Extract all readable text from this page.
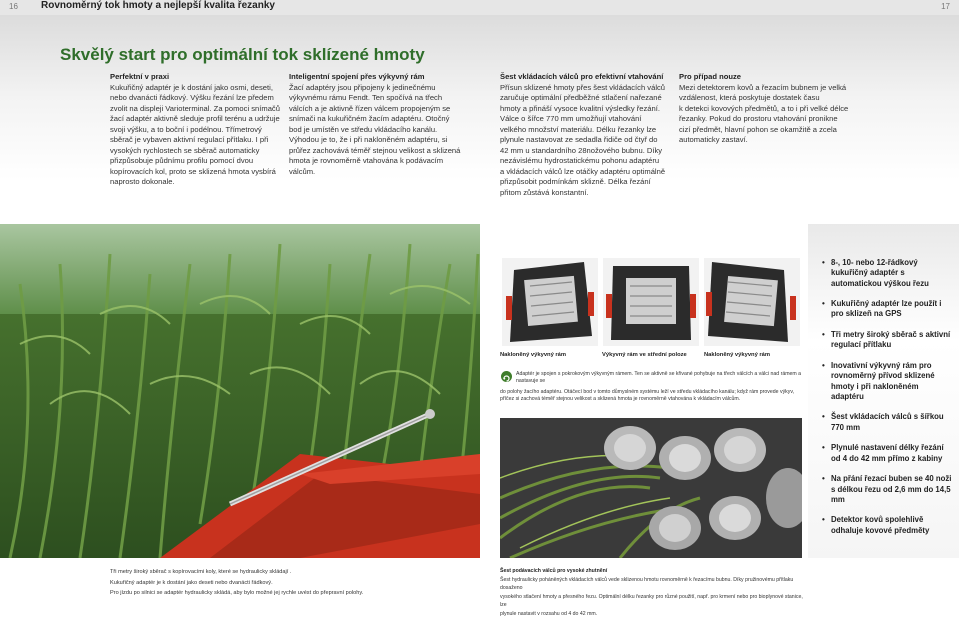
16 Rovnoměrný tok hmoty a nejlepší kvalita řezanky	17
Skvělý start pro optimální tok sklízené hmoty
Perfektní v praxi
Kukuřičný adaptér je k dostání jako osmi, deseti,
nebo dvanácti řádkový. Výšku řezání lze předem
zvolit na displeji Varioterminal. Za pomoci snímačů
žací adaptér aktivně sleduje profil terénu a udržuje
svoji výšku, a to boční i podélnou. Třímetrový
sběrač je vybaven aktivní regulací přítlaku. I při
vysokých rychlostech se sběrač automaticky
přizpůsobuje půdnímu profilu pomocí dvou
kopírovacích kol, proto se sklizená hmota vysbírá
naprosto dokonale.
Inteligentní spojení přes výkyvný rám
Žací adaptéry jsou připojeny k jedinečnému
výkyvnému rámu Fendt. Ten spočívá na třech
válcích a je aktivně řízen válcem propojeným se
snímači na kukuřičném žacím adaptéru. Otočný
bod je umístěn ve středu vkládacího kanálu.
Výhodou je to, že i při nakloněném adaptéru, si
průřez zachovává téměř stejnou velikost a sklizená
hmota je rovnoměrně vtahována k podávacím
válcům.
Šest vkládacích válců pro efektivní vtahování
Přísun sklizené hmoty přes šest vkládacích válců
zaručuje optimální předběžné stlačení nařezané
hmoty a přináší vysoce kvalitní výsledky řezání.
Válce o šířce 770 mm umožňují vtahování
velkého množství materiálu. Délku řezanky lze
plynule nastavovat ze sedadla řidiče od čtyř do
42 mm u standardního 28nožového bubnu. Díky
nezávislému hydrostatickému pohonu adaptéru
a vkládacích válců lze otáčky adaptéru optimálně
přizpůsobit podmínkám sklizně. Délka řezání
přitom zůstává konstantní.
Pro případ nouze
Mezi detektorem kovů a řezacím bubnem je velká
vzdálenost, která poskytuje dostatek času
k detekci kovových předmětů, a to i při velké délce
řezanky. Pokud do prostoru vtahování pronikne
cizí předmět, hlavní pohon se okamžitě a zcela
automaticky zastaví.
Nakloněný výkyvný rám	Výkyvný rám ve střední poloze	Nakloněný výkyvný rám
Adaptér je spojen s pokrokovým výkyvným rámem. Ten se aktivně se křivané pohybuje na třech válcích a válci nad rámem a nastavuje se
do polohy žacího adaptéru. Otáčecí bod v tomto důmyslném systému leží ve středu vkládacího kanálu; když rám provede výkyv, příčez si zachová téměř stejnou velikost a sklizená hmota je rovnoměrně vtahována k vkládacím válcům.
• 8-, 10- nebo 12-řádkový kukuřičný adaptér s automatickou výškou řezu
• Kukuřičný adaptér lze použít i pro sklizeň na GPS
• Tři metry široký sběrač s aktivní regulací přítlaku
• Inovativní výkyvný rám pro rovnoměrný přívod sklizené hmoty i při nakloněném adaptéru
• Šest vkládacích válců s šířkou 770 mm
• Plynulé nastavení délky řezání od 4 do 42 mm přímo z kabiny
• Na přání řezací buben se 40 noži s délkou řezu od 2,6 mm do 14,5 mm
• Detektor kovů spolehlivě odhaluje kovové předměty
Tři metry široký sběrač s kopírovacími koly, které se hydraulicky skládají .
Kukuřičný adaptér je k dostání jako deseti nebo dvanácti řádkový.
Pro jízdu po silnici se adaptér hydraulicky skládá, aby bylo možné jej rychle uvést do přepravní polohy.
Šest podávacích válců pro vysoké zhutnění
Šest hydraulicky poháněných vkládacích válců vede sklizenou hmotu rovnoměrně k řezacímu bubnu. Díky pružinovému přítlaku dosaženo
vysokého stlačení hmoty a přesného řezu. Optimální délku řezanky pro různé použití, např. pro krmení nebo pro bioplynové stanice, lze
plynule nastavit v rozsahu od 4 do 42 mm.
